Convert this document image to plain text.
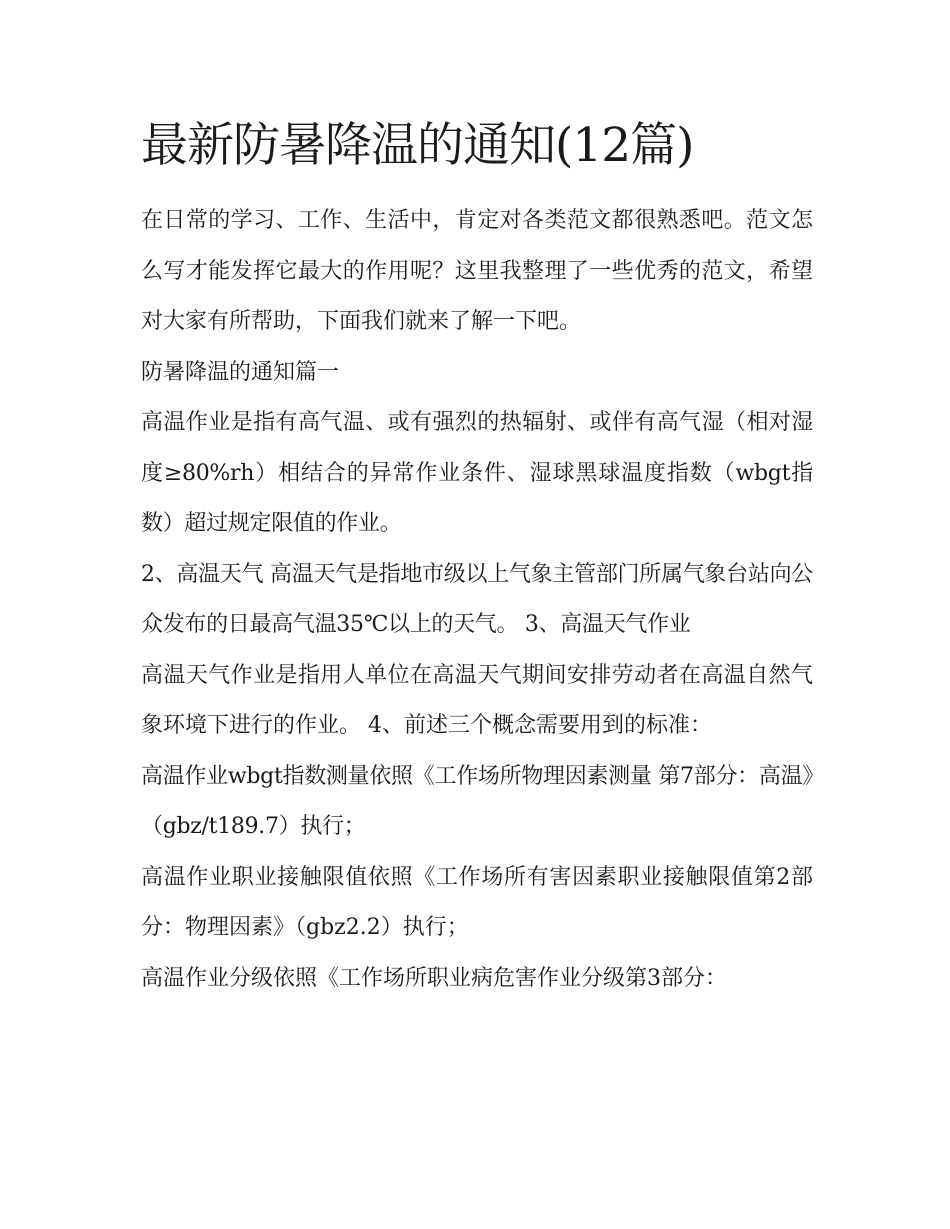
最新防暑降温的通知(12篇)

在日常的学习、工作、生活中，肯定对各类范文都很熟悉吧。范文怎么写才能发挥它最大的作用呢？这里我整理了一些优秀的范文，希望对大家有所帮助，下面我们就来了解一下吧。

防暑降温的通知篇一

高温作业是指有高气温、或有强烈的热辐射、或伴有高气湿（相对湿度≥80%rh）相结合的异常作业条件、湿球黑球温度指数（wbgt指数）超过规定限值的作业。

2、高温天气 高温天气是指地市级以上气象主管部门所属气象台站向公众发布的日最高气温35℃以上的天气。 3、高温天气作业

高温天气作业是指用人单位在高温天气期间安排劳动者在高温自然气象环境下进行的作业。 4、前述三个概念需要用到的标准：

高温作业wbgt指数测量依照《工作场所物理因素测量 第7部分：高温》（gbz/t189.7）执行；

高温作业职业接触限值依照《工作场所有害因素职业接触限值第2部分：物理因素》（gbz2.2）执行；

高温作业分级依照《工作场所职业病危害作业分级第3部分：
